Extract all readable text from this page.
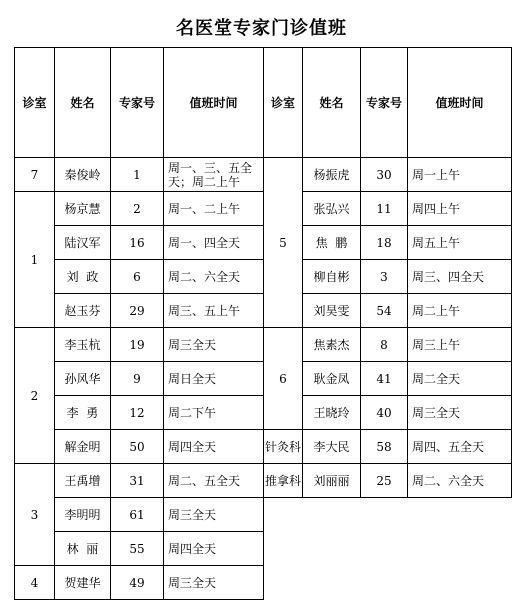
名医堂专家门诊值班
诊室	姓名	专家号	值班时间	诊室	姓名	专家号	值班时间
7	秦俊岭	1	周一、三、五全天；周二上午	5	杨振虎	30	周一上午
1	杨京慧	2	周一、二上午		张弘兴	11	周四上午
	陆汉军	16	周一、四全天		焦  鹏	18	周五上午
	刘  政	6	周二、六全天		柳自彬	3	周三、四全天
	赵玉芬	29	周三、五上午		刘昊雯	54	周二上午
2	李玉杭	19	周三全天	6	焦素杰	8	周三上午
	孙风华	9	周日全天		耿金凤	41	周二全天
	李  勇	12	周二下午		王晓玲	40	周三全天
	解金明	50	周四全天	针灸科	李大民	58	周四、五全天
3	王禹增	31	周二、五全天	推拿科	刘丽丽	25	周二、六全天
	李明明	61	周三全天				
	林  丽	55	周四全天				
4	贺建华	49	周三全天				
